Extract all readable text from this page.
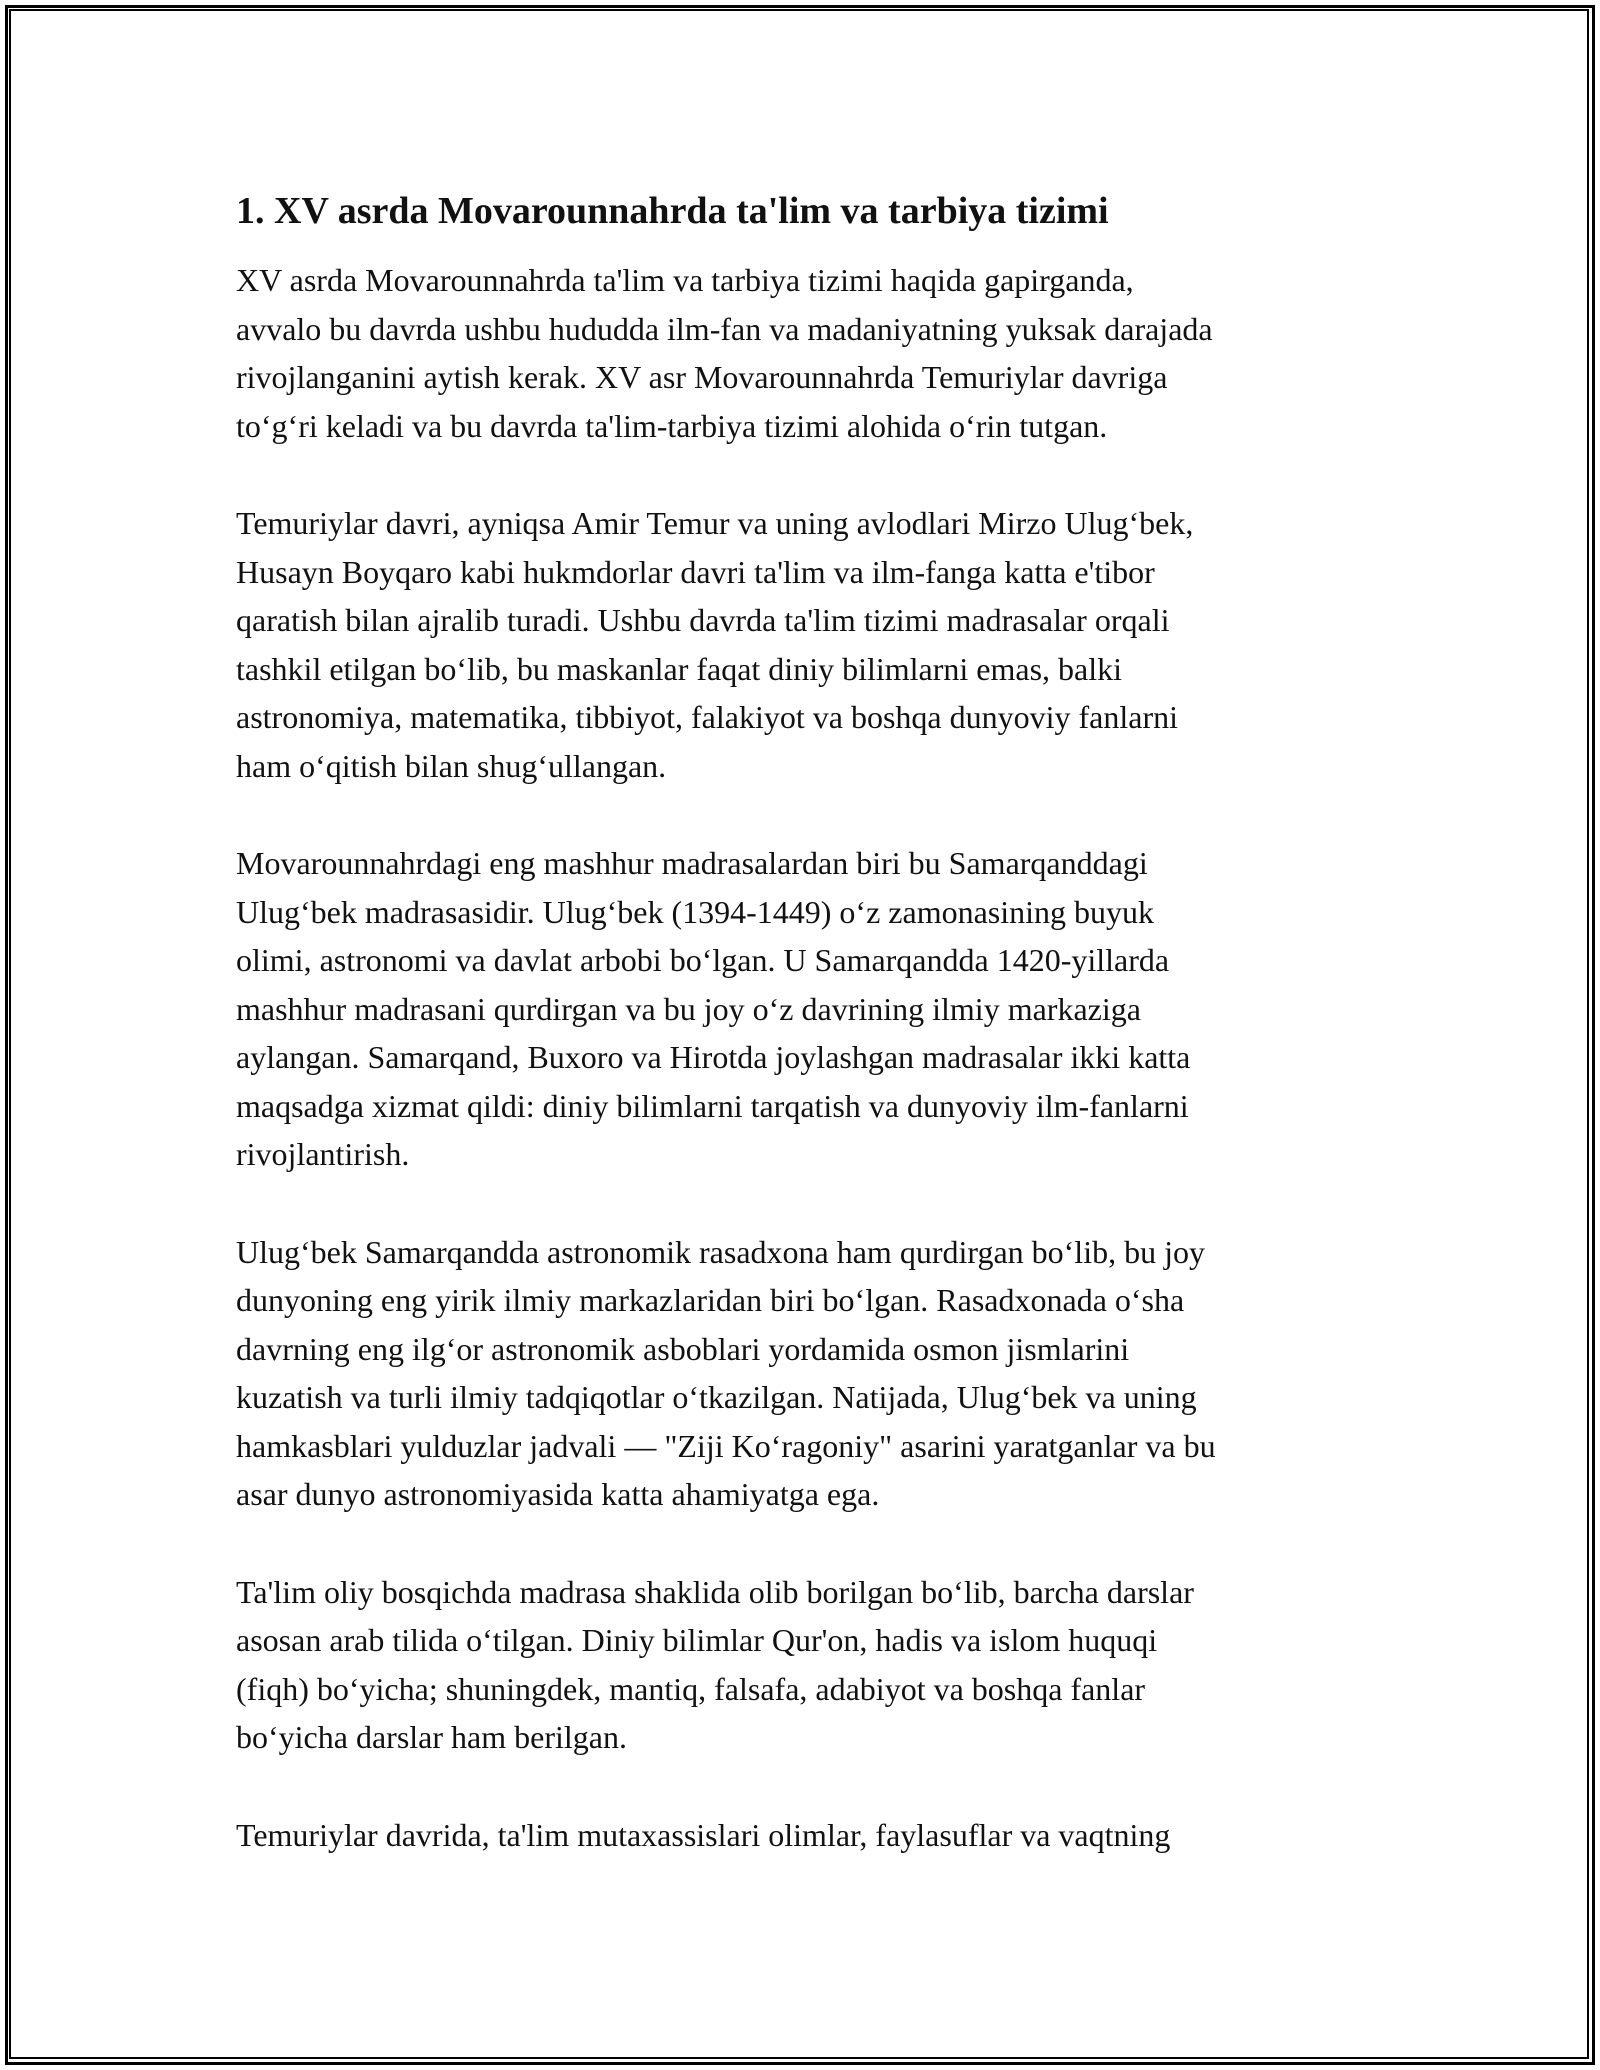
1. XV asrda Movarounnahrda ta'lim va tarbiya tizimi

XV asrda Movarounnahrda ta'lim va tarbiya tizimi haqida gapirganda,
avvalo bu davrda ushbu hududda ilm-fan va madaniyatning yuksak darajada
rivojlanganini aytish kerak. XV asr Movarounnahrda Temuriylar davriga
to‘g‘ri keladi va bu davrda ta'lim-tarbiya tizimi alohida o‘rin tutgan.

Temuriylar davri, ayniqsa Amir Temur va uning avlodlari Mirzo Ulug‘bek,
Husayn Boyqaro kabi hukmdorlar davri ta'lim va ilm-fanga katta e'tibor
qaratish bilan ajralib turadi. Ushbu davrda ta'lim tizimi madrasalar orqali
tashkil etilgan bo‘lib, bu maskanlar faqat diniy bilimlarni emas, balki
astronomiya, matematika, tibbiyot, falakiyot va boshqa dunyoviy fanlarni
ham o‘qitish bilan shug‘ullangan.

Movarounnahrdagi eng mashhur madrasalardan biri bu Samarqanddagi
Ulug‘bek madrasasidir. Ulug‘bek (1394-1449) o‘z zamonasining buyuk
olimi, astronomi va davlat arbobi bo‘lgan. U Samarqandda 1420-yillarda
mashhur madrasani qurdirgan va bu joy o‘z davrining ilmiy markaziga
aylangan. Samarqand, Buxoro va Hirotda joylashgan madrasalar ikki katta
maqsadga xizmat qildi: diniy bilimlarni tarqatish va dunyoviy ilm-fanlarni
rivojlantirish.

Ulug‘bek Samarqandda astronomik rasadxona ham qurdirgan bo‘lib, bu joy
dunyoning eng yirik ilmiy markazlaridan biri bo‘lgan. Rasadxonada o‘sha
davrning eng ilg‘or astronomik asboblari yordamida osmon jismlarini
kuzatish va turli ilmiy tadqiqotlar o‘tkazilgan. Natijada, Ulug‘bek va uning
hamkasblari yulduzlar jadvali — "Ziji Ko‘ragoniy" asarini yaratganlar va bu
asar dunyo astronomiyasida katta ahamiyatga ega.

Ta'lim oliy bosqichda madrasa shaklida olib borilgan bo‘lib, barcha darslar
asosan arab tilida o‘tilgan. Diniy bilimlar Qur'on, hadis va islom huquqi
(fiqh) bo‘yicha; shuningdek, mantiq, falsafa, adabiyot va boshqa fanlar
bo‘yicha darslar ham berilgan.

Temuriylar davrida, ta'lim mutaxassislari olimlar, faylasuflar va vaqtning
